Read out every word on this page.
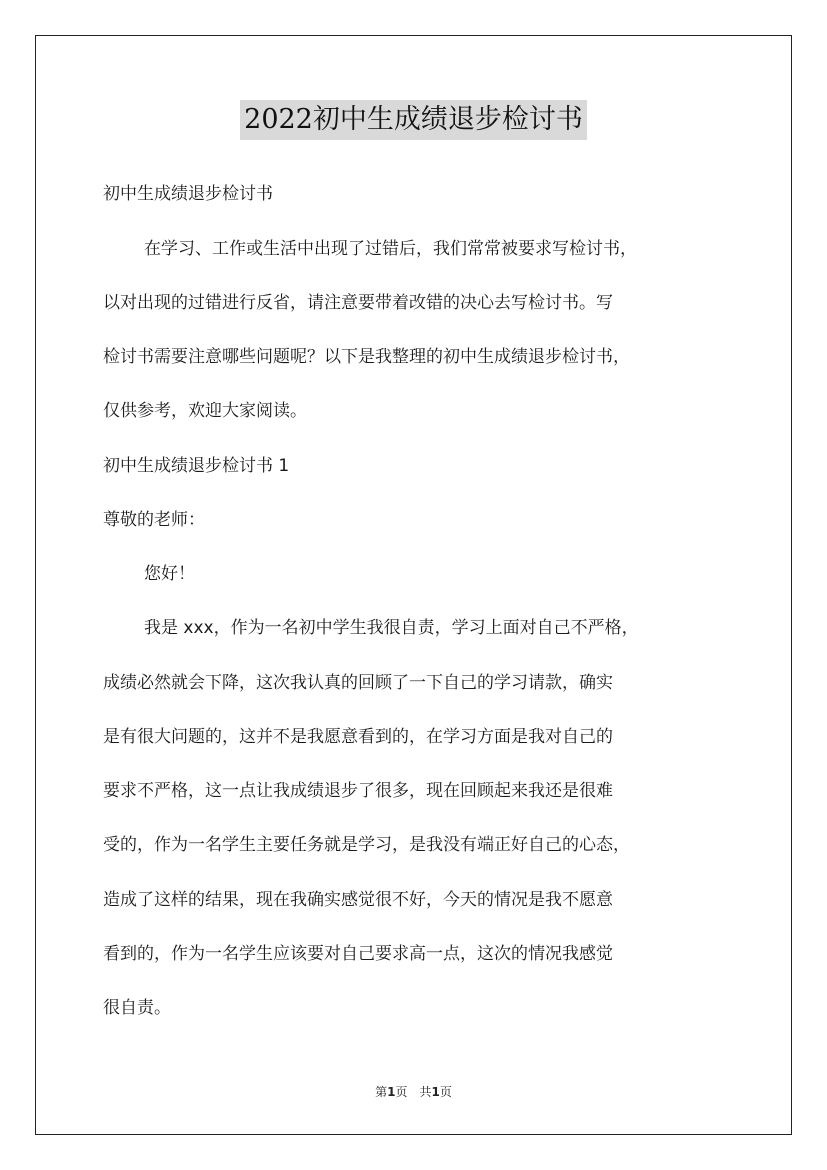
2022初中生成绩退步检讨书
初中生成绩退步检讨书
在学习、工作或生活中出现了过错后，我们常常被要求写检讨书，
以对出现的过错进行反省，请注意要带着改错的决心去写检讨书。写
检讨书需要注意哪些问题呢？以下是我整理的初中生成绩退步检讨书，
仅供参考，欢迎大家阅读。
初中生成绩退步检讨书 1
尊敬的老师：
您好！
我是 xxx，作为一名初中学生我很自责，学习上面对自己不严格，
成绩必然就会下降，这次我认真的回顾了一下自己的学习请款，确实
是有很大问题的，这并不是我愿意看到的，在学习方面是我对自己的
要求不严格，这一点让我成绩退步了很多，现在回顾起来我还是很难
受的，作为一名学生主要任务就是学习，是我没有端正好自己的心态，
造成了这样的结果，现在我确实感觉很不好，今天的情况是我不愿意
看到的，作为一名学生应该要对自己要求高一点，这次的情况我感觉
很自责。
第1页　共1页
